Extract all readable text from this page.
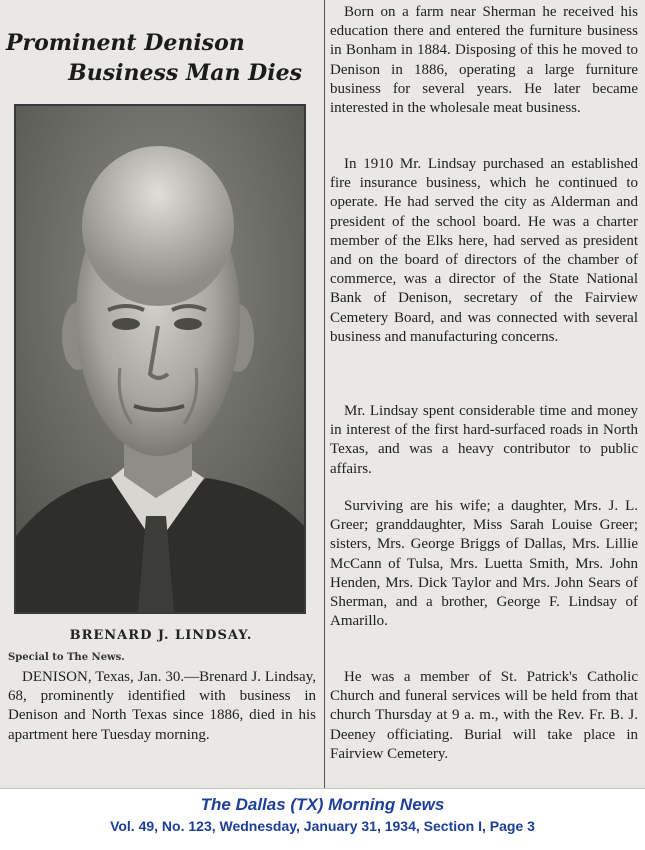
Prominent Denison
Business Man Dies
BRENARD J. LINDSAY.
Special to The News.

DENISON, Texas, Jan. 30.—Brenard J. Lindsay, 68, prominently identified with business in Denison and North Texas since 1886, died in his apartment here Tuesday morning.

Born on a farm near Sherman he received his education there and entered the furniture business in Bonham in 1884. Disposing of this he moved to Denison in 1886, operating a large furniture business for several years. He later became interested in the wholesale meat business.

In 1910 Mr. Lindsay purchased an established fire insurance business, which he continued to operate. He had served the city as Alderman and president of the school board. He was a charter member of the Elks here, had served as president and on the board of directors of the chamber of commerce, was a director of the State National Bank of Denison, secretary of the Fairview Cemetery Board, and was connected with several business and manufacturing concerns.

Mr. Lindsay spent considerable time and money in interest of the first hard-surfaced roads in North Texas, and was a heavy contributor to public affairs.

Surviving are his wife; a daughter, Mrs. J. L. Greer; granddaughter, Miss Sarah Louise Greer; sisters, Mrs. George Briggs of Dallas, Mrs. Lillie McCann of Tulsa, Mrs. Luetta Smith, Mrs. John Henden, Mrs. Dick Taylor and Mrs. John Sears of Sherman, and a brother, George F. Lindsay of Amarillo.

He was a member of St. Patrick's Catholic Church and funeral services will be held from that church Thursday at 9 a. m., with the Rev. Fr. B. J. Deeney officiating. Burial will take place in Fairview Cemetery.

The Dallas (TX) Morning News
Vol. 49, No. 123, Wednesday, January 31, 1934, Section I, Page 3
